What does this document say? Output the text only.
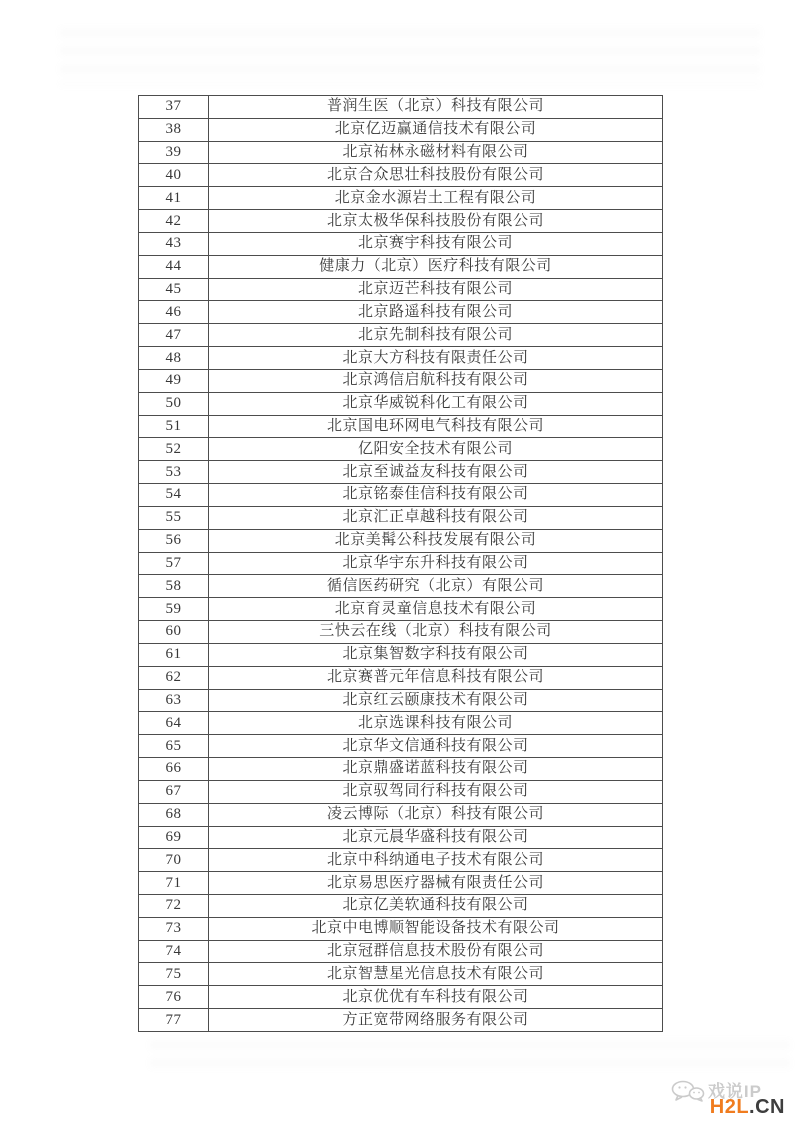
37	普润生医（北京）科技有限公司
38	北京亿迈赢通信技术有限公司
39	北京祐林永磁材料有限公司
40	北京合众思壮科技股份有限公司
41	北京金水源岩土工程有限公司
42	北京太极华保科技股份有限公司
43	北京赛宇科技有限公司
44	健康力（北京）医疗科技有限公司
45	北京迈芒科技有限公司
46	北京路遥科技有限公司
47	北京先制科技有限公司
48	北京大方科技有限责任公司
49	北京鸿信启航科技有限公司
50	北京华威锐科化工有限公司
51	北京国电环网电气科技有限公司
52	亿阳安全技术有限公司
53	北京至诚益友科技有限公司
54	北京铭泰佳信科技有限公司
55	北京汇正卓越科技有限公司
56	北京美髯公科技发展有限公司
57	北京华宇东升科技有限公司
58	循信医药研究（北京）有限公司
59	北京育灵童信息技术有限公司
60	三快云在线（北京）科技有限公司
61	北京集智数字科技有限公司
62	北京赛普元年信息科技有限公司
63	北京红云颐康技术有限公司
64	北京选课科技有限公司
65	北京华文信通科技有限公司
66	北京鼎盛诺蓝科技有限公司
67	北京驭驾同行科技有限公司
68	凌云博际（北京）科技有限公司
69	北京元晨华盛科技有限公司
70	北京中科纳通电子技术有限公司
71	北京易思医疗器械有限责任公司
72	北京亿美软通科技有限公司
73	北京中电博顺智能设备技术有限公司
74	北京冠群信息技术股份有限公司
75	北京智慧星光信息技术有限公司
76	北京优优有车科技有限公司
77	方正宽带网络服务有限公司
戏说IP
H2L.CN
